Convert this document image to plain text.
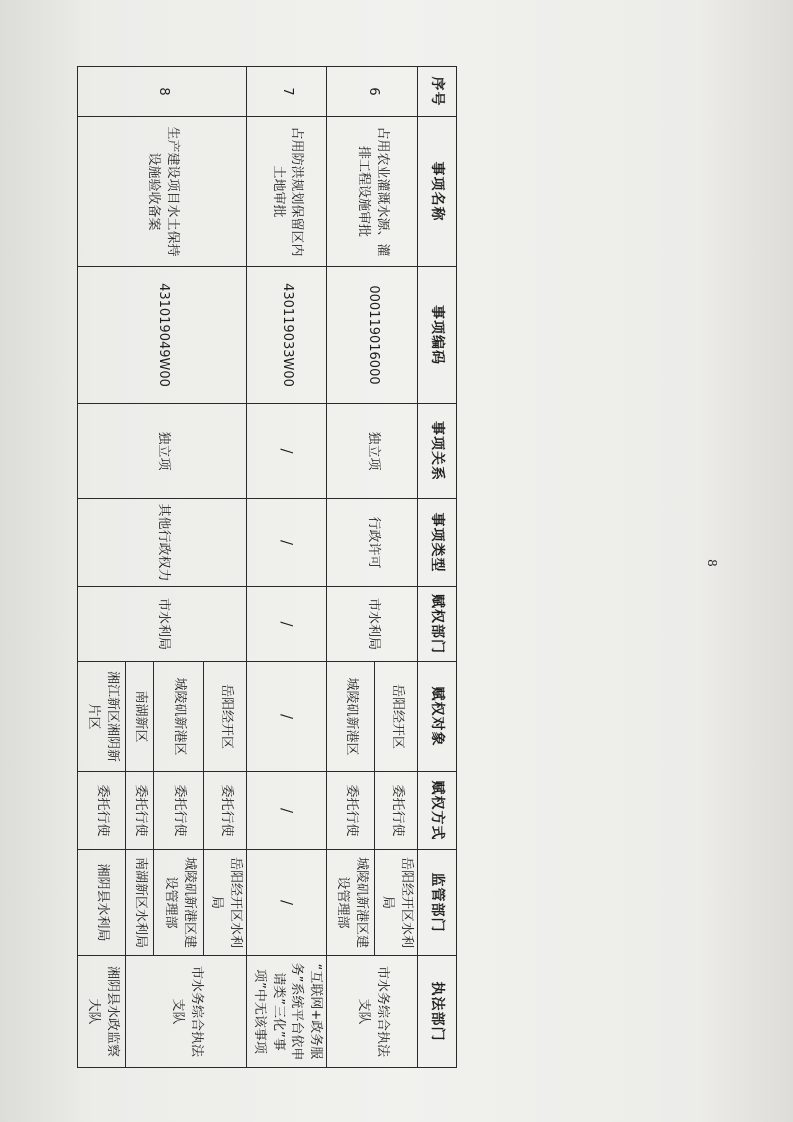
序号	事项名称	事项编码	事项关系	事项类型	赋权部门	赋权对象	赋权方式	监管部门	执法部门
6	占用农业灌溉水源、灌排工程设施审批	000119016000	独立项	行政许可	市水利局	岳阳经开区	委托行使	岳阳经开区水利局	市水务综合执法支队
						城陵矶新港区	委托行使	城陵矶新港区建设管理部	
7	占用防洪规划保留区内土地审批	430119033W00	/	/	/	/	/	/	“互联网+政务服务”系统平台依申请类”三化”事项”中无该事项
8	生产建设项目水土保持设施验收备案	431019049W00	独立项	其他行政权力	市水利局	岳阳经开区	委托行使	岳阳经开区水利局	市水务综合执法支队
						城陵矶新港区	委托行使	城陵矶新港区建设管理部	
						南湖新区	委托行使	南湖新区水利局	
						湘江新区湘阴新片区	委托行使	湘阴县水利局	湘阴县水政监察大队
8
